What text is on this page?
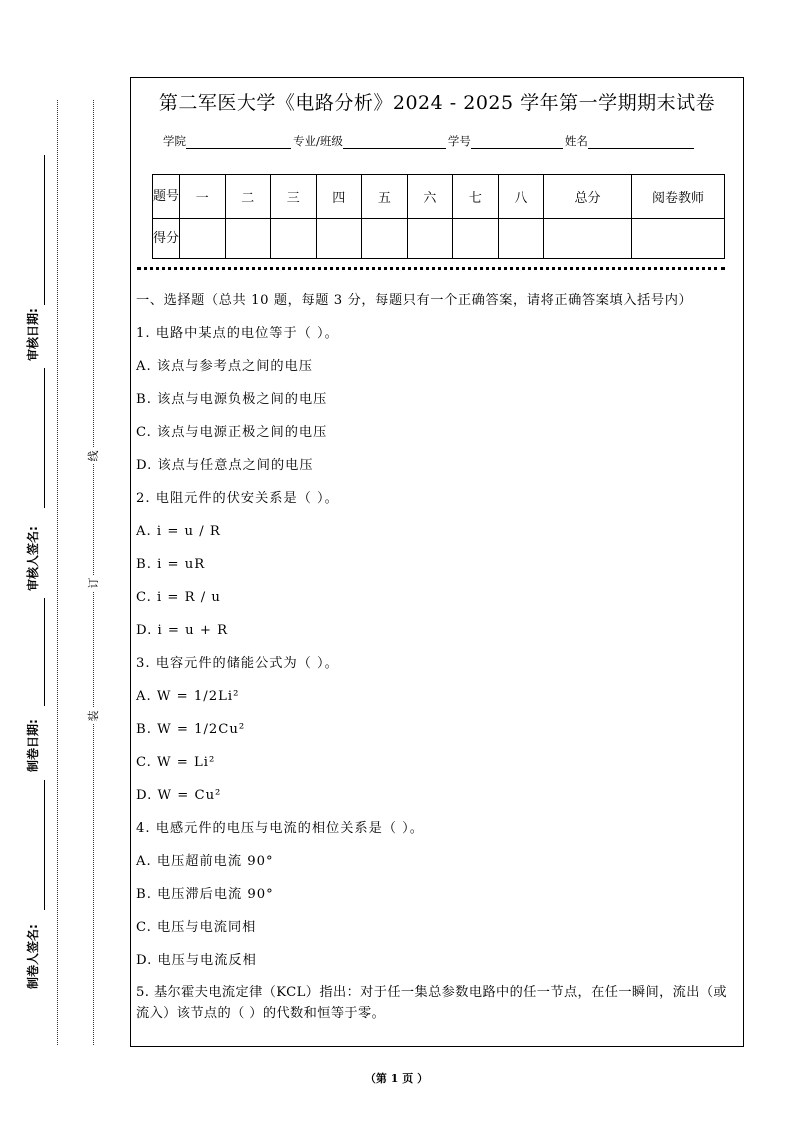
审核日期:
审核人签名:
制卷日期:
制卷人签名:
线
订
装
第二军医大学《电路分析》2024 - 2025 学年第一学期期末试卷
学院	专业/班级	学号	姓名
题号	一	二	三	四	五	六	七	八	总分	阅卷教师
得分										
一、选择题（总共 10 题，每题 3 分，每题只有一个正确答案，请将正确答案填入括号内）
1. 电路中某点的电位等于（ ）。
A. 该点与参考点之间的电压
B. 该点与电源负极之间的电压
C. 该点与电源正极之间的电压
D. 该点与任意点之间的电压
2. 电阻元件的伏安关系是（ ）。
A. i = u / R
B. i = uR
C. i = R / u
D. i = u + R
3. 电容元件的储能公式为（ ）。
A. W = 1/2Li²
B. W = 1/2Cu²
C. W = Li²
D. W = Cu²
4. 电感元件的电压与电流的相位关系是（ ）。
A. 电压超前电流 90°
B. 电压滞后电流 90°
C. 电压与电流同相
D. 电压与电流反相
5. 基尔霍夫电流定律（KCL）指出：对于任一集总参数电路中的任一节点，在任一瞬间，流出（或流入）该节点的（ ）的代数和恒等于零。
（第 1 页 ）
